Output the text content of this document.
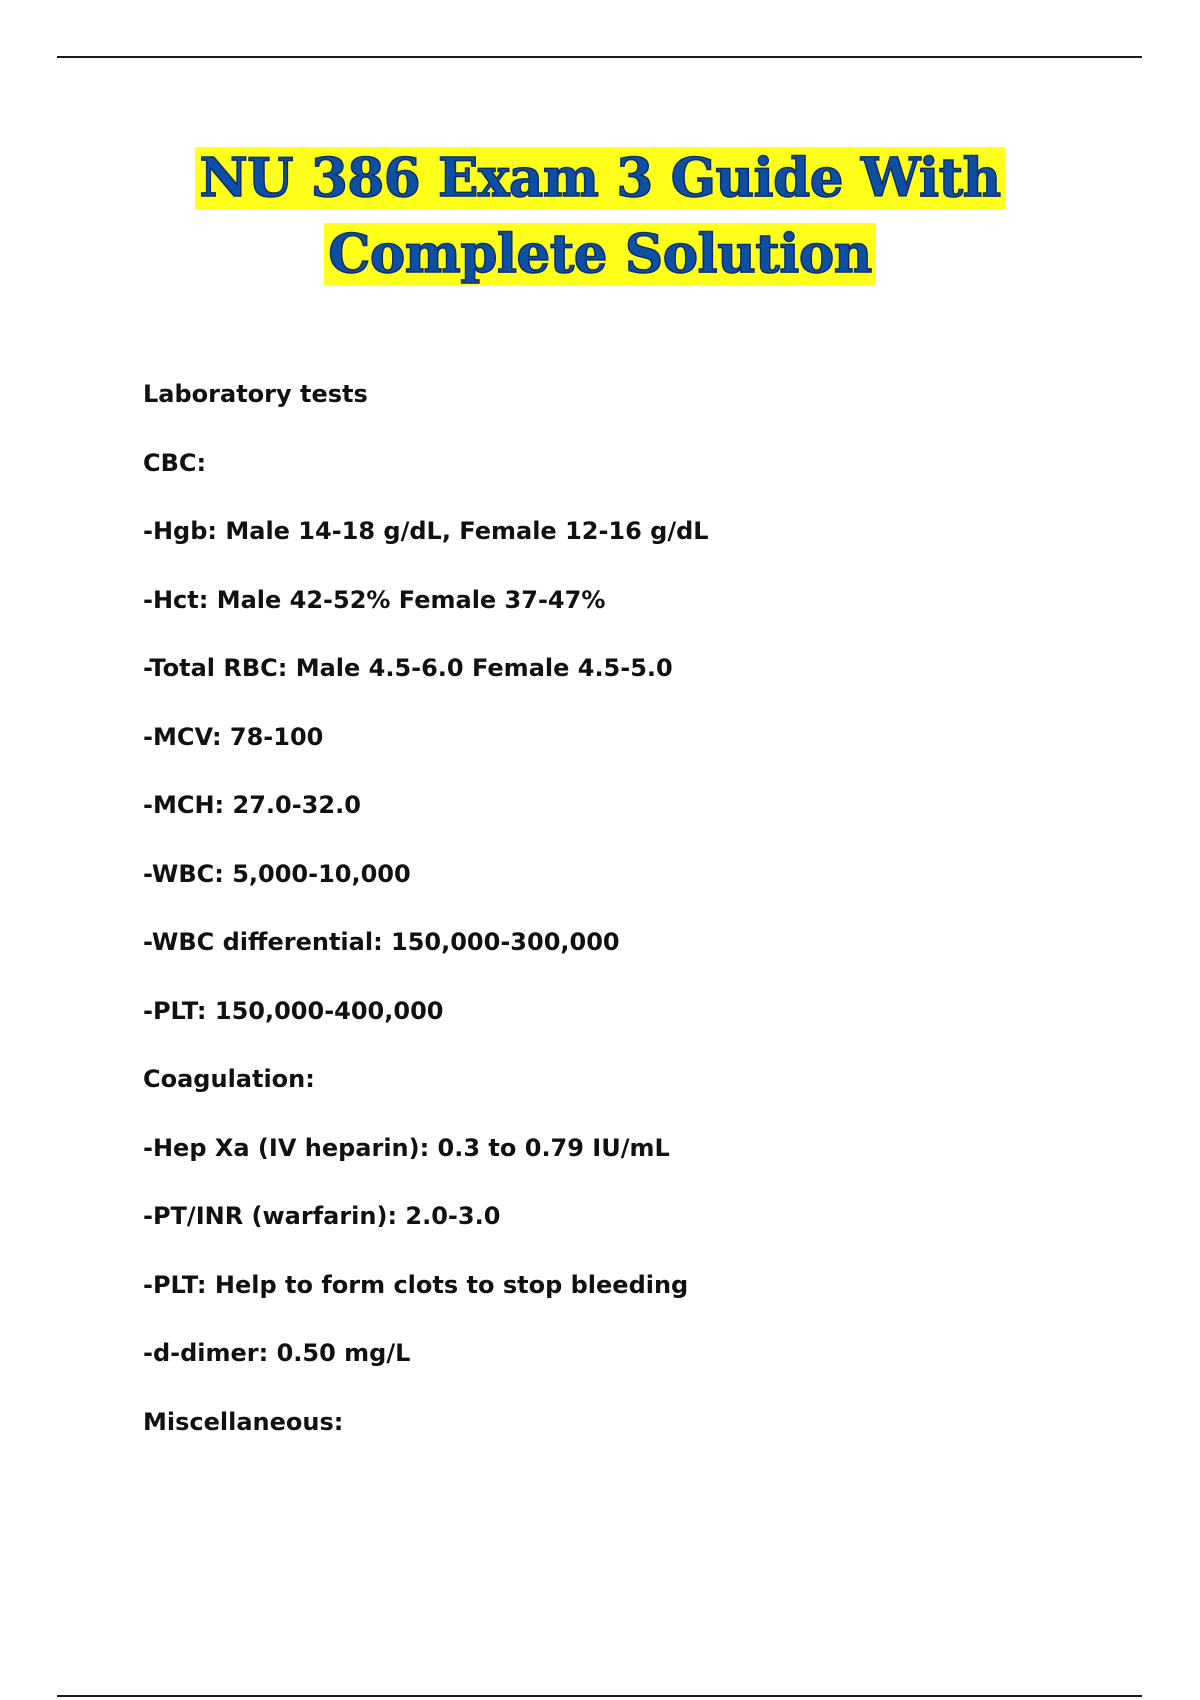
NU 386 Exam 3 Guide With
Complete Solution
Laboratory tests
CBC:
-Hgb: Male 14-18 g/dL, Female 12-16 g/dL
-Hct: Male 42-52% Female 37-47%
-Total RBC: Male 4.5-6.0 Female 4.5-5.0
-MCV: 78-100
-MCH: 27.0-32.0
-WBC: 5,000-10,000
-WBC differential: 150,000-300,000
-PLT: 150,000-400,000
Coagulation:
-Hep Xa (IV heparin): 0.3 to 0.79 IU/mL
-PT/INR (warfarin): 2.0-3.0
-PLT: Help to form clots to stop bleeding
-d-dimer: 0.50 mg/L
Miscellaneous:
